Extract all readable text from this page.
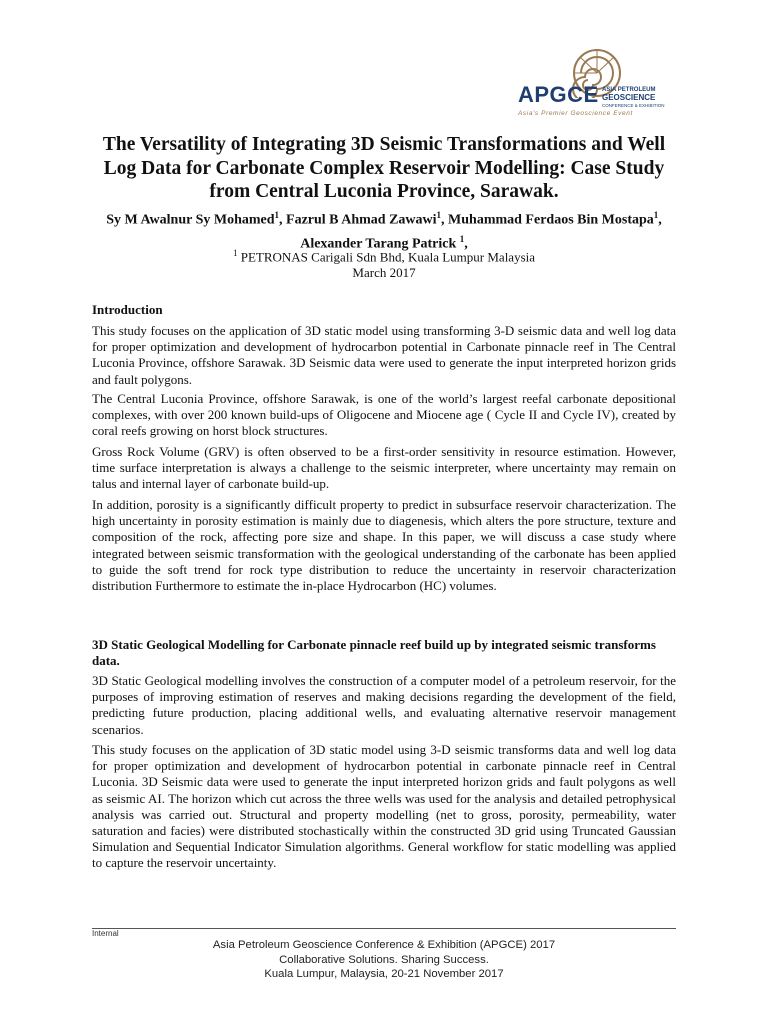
APGCE ASIA PETROLEUM
GEOSCIENCE
CONFERENCE & EXHIBITION
Asia's Premier Geoscience Event
The Versatility of Integrating 3D Seismic Transformations and Well Log Data for Carbonate Complex Reservoir Modelling: Case Study from Central Luconia Province, Sarawak.

Sy M Awalnur Sy Mohamed$^1$, Fazrul B Ahmad Zawawi$^1$, Muhammad Ferdaos Bin Mostapa$^1$, Alexander Tarang Patrick $^1$,

$^1$ PETRONAS Carigali Sdn Bhd, Kuala Lumpur Malaysia
March 2017
Introduction

This study focuses on the application of 3D static model using transforming 3-D seismic data and well log data for proper optimization and development of hydrocarbon potential in Carbonate pinnacle reef in The Central Luconia Province, offshore Sarawak. 3D Seismic data were used to generate the input interpreted horizon grids and fault polygons.

The Central Luconia Province, offshore Sarawak, is one of the world’s largest reefal carbonate depositional complexes, with over 200 known build-ups of Oligocene and Miocene age ( Cycle II and Cycle IV), created by coral reefs growing on horst block structures.

Gross Rock Volume (GRV) is often observed to be a first-order sensitivity in resource estimation. However, time surface interpretation is always a challenge to the seismic interpreter, where uncertainty may remain on talus and internal layer of carbonate build-up.

In addition, porosity is a significantly difficult property to predict in subsurface reservoir characterization. The high uncertainty in porosity estimation is mainly due to diagenesis, which alters the pore structure, texture and composition of the rock, affecting pore size and shape. In this paper, we will discuss a case study where integrated between seismic transformation with the geological understanding of the carbonate has been applied to guide the soft trend for rock type distribution to reduce the uncertainty in reservoir characterization distribution Furthermore to estimate the in-place Hydrocarbon (HC) volumes.

3D Static Geological Modelling for Carbonate pinnacle reef build up by integrated seismic transforms data.

3D Static Geological modelling involves the construction of a computer model of a petroleum reservoir, for the purposes of improving estimation of reserves and making decisions regarding the development of the field, predicting future production, placing additional wells, and evaluating alternative reservoir management scenarios.

This study focuses on the application of 3D static model using 3-D seismic transforms data and well log data for proper optimization and development of hydrocarbon potential in carbonate pinnacle reef in Central Luconia. 3D Seismic data were used to generate the input interpreted horizon grids and fault polygons as well as seismic AI. The horizon which cut across the three wells was used for the analysis and detailed petrophysical analysis was carried out. Structural and property modelling (net to gross, porosity, permeability, water saturation and facies) were distributed stochastically within the constructed 3D grid using Truncated Gaussian Simulation and Sequential Indicator Simulation algorithms. General workflow for static modelling was applied to capture the reservoir uncertainty.

Internal
Asia Petroleum Geoscience Conference & Exhibition (APGCE) 2017
Collaborative Solutions. Sharing Success.
Kuala Lumpur, Malaysia, 20-21 November 2017
